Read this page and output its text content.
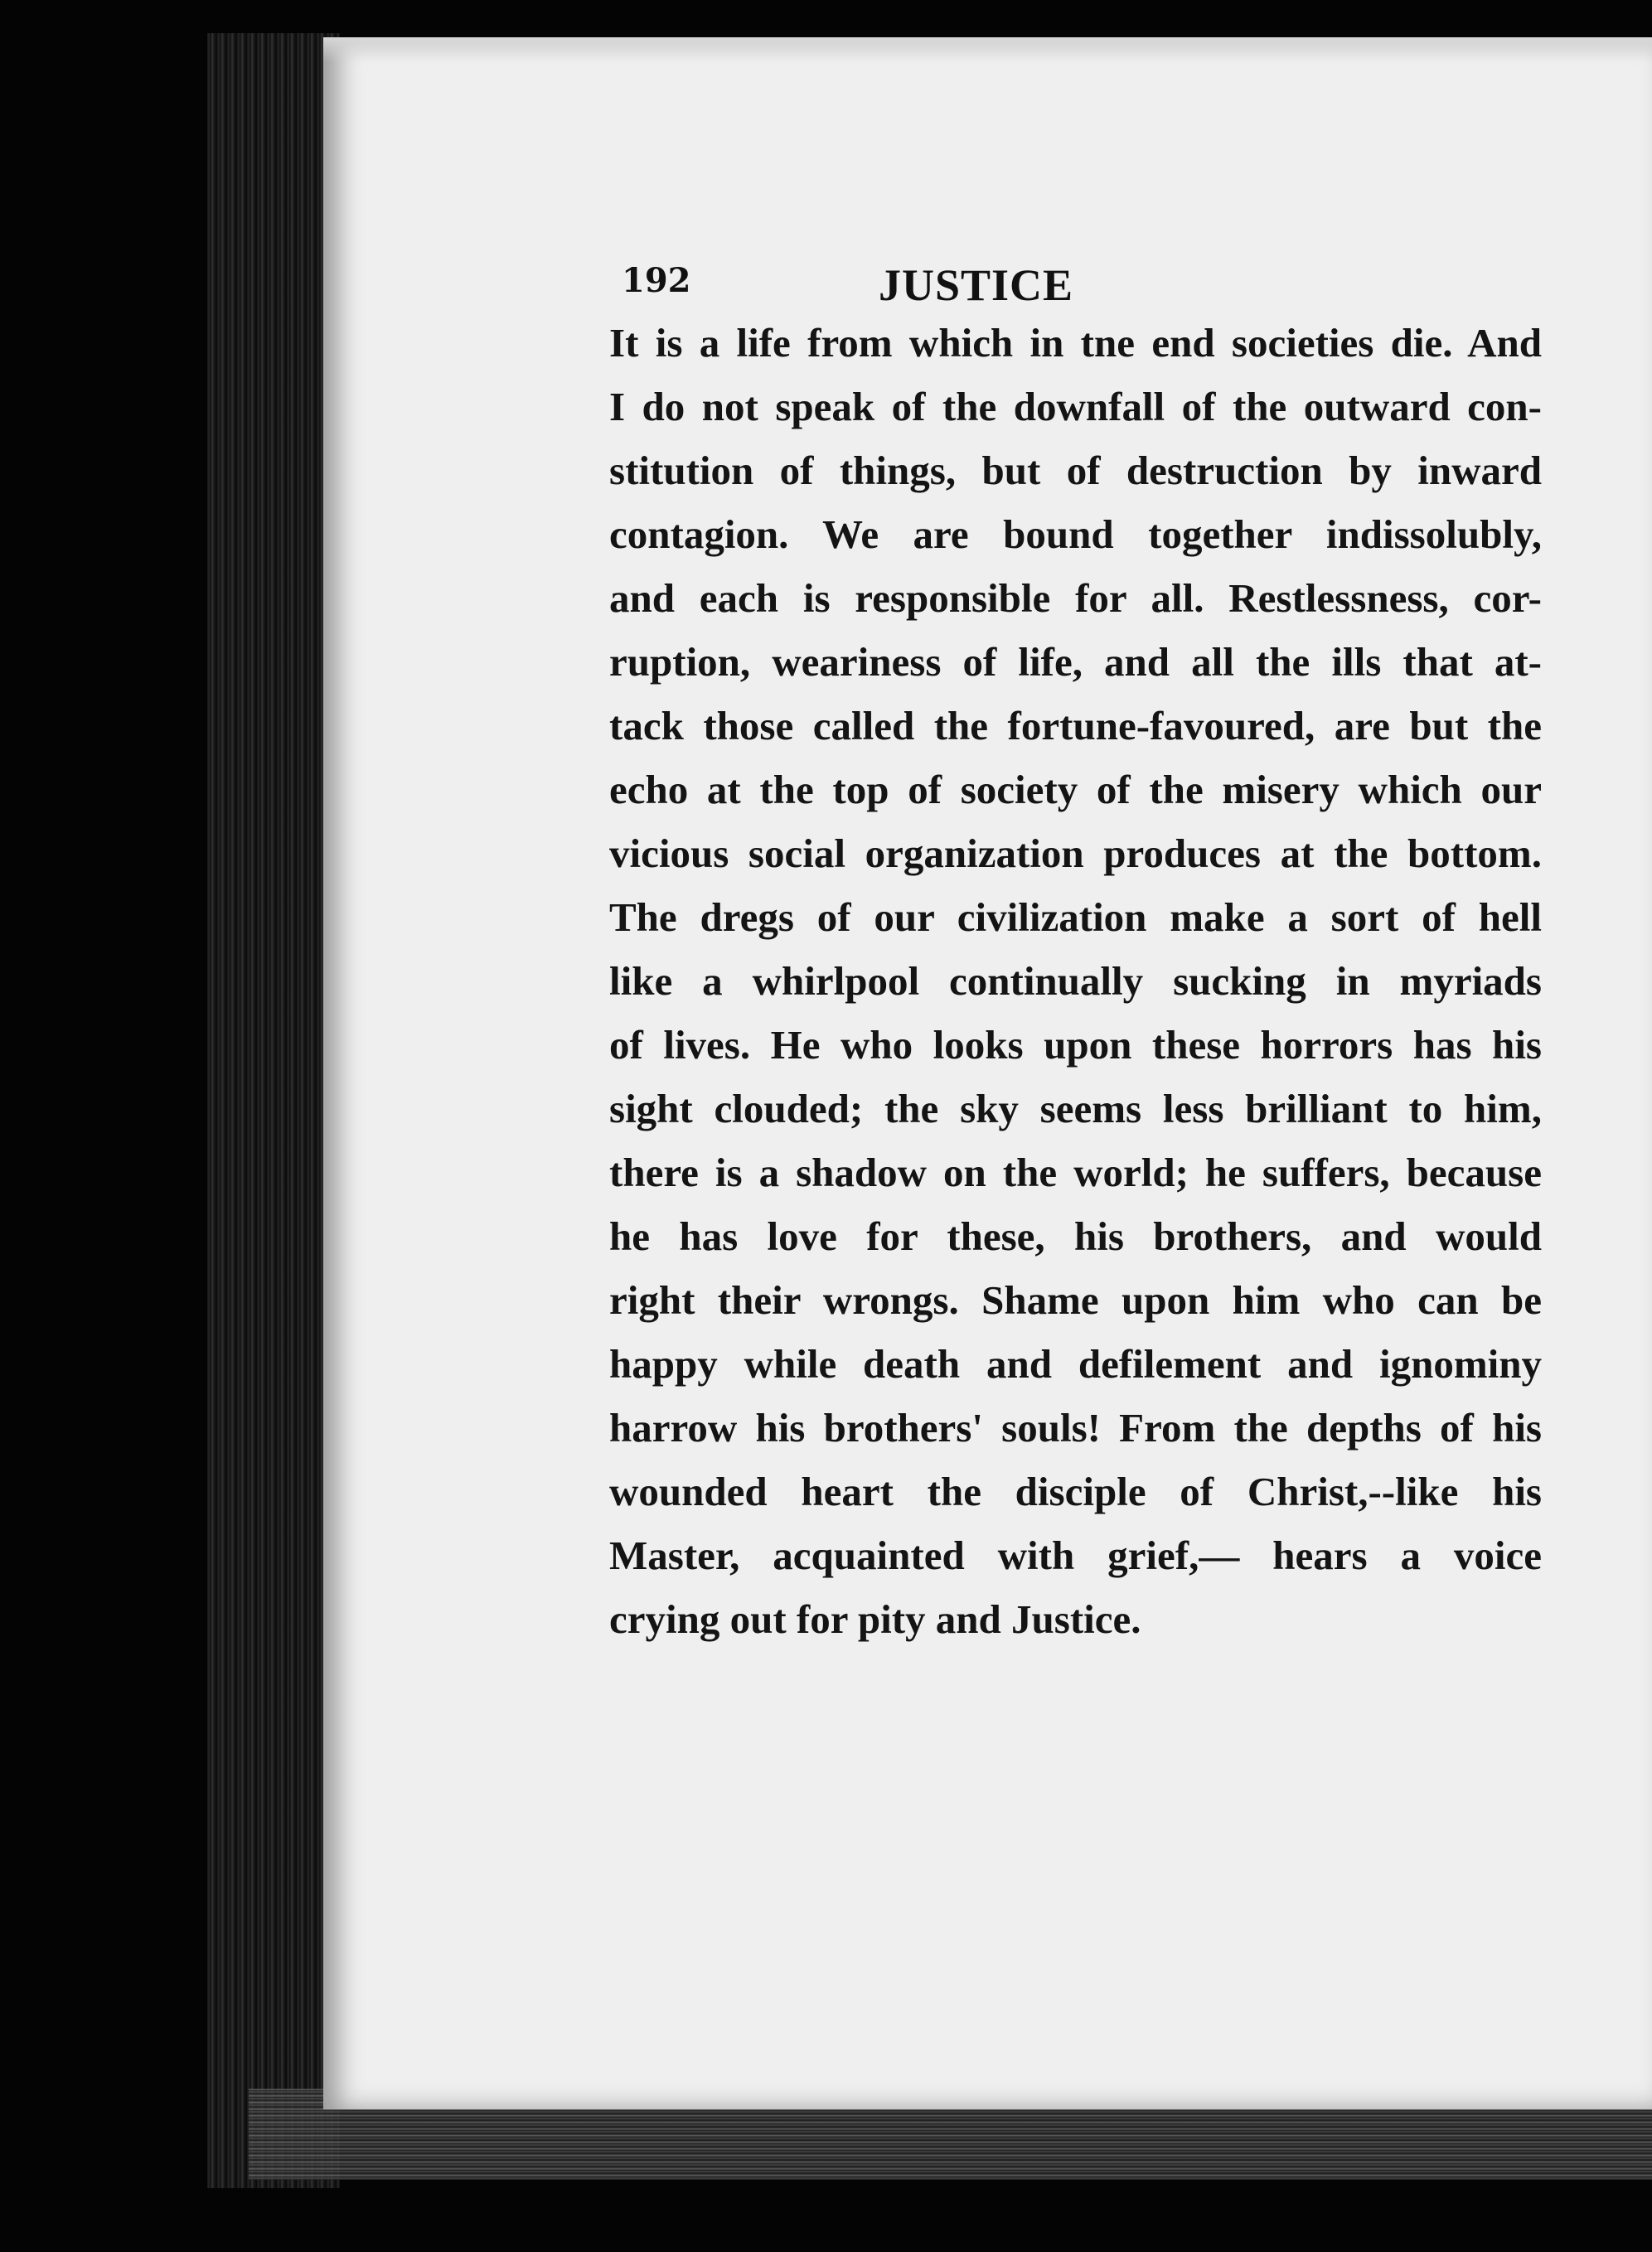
192	JUSTICE
It is a life from which in tne end societies die. And
I do not speak of the downfall of the outward con-
stitution of things, but of destruction by inward
contagion. We are bound together indissolubly,
and each is responsible for all. Restlessness, cor-
ruption, weariness of life, and all the ills that at-
tack those called the fortune-favoured, are but the
echo at the top of society of the misery which our
vicious social organization produces at the bottom.
The dregs of our civilization make a sort of hell
like a whirlpool continually sucking in myriads
of lives. He who looks upon these horrors has his
sight clouded; the sky seems less brilliant to him,
there is a shadow on the world; he suffers, because
he has love for these, his brothers, and would
right their wrongs. Shame upon him who can be
happy while death and defilement and ignominy
harrow his brothers' souls! From the depths of his
wounded heart the disciple of Christ,--like his
Master, acquainted with grief,— hears a voice
crying out for pity and Justice.
